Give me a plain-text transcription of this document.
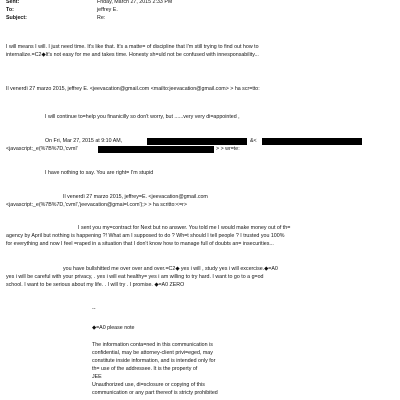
Sent:	Friday, March 27, 2015 2:33 PM
To:	jeffrey E.
Subject:	Re:
I will means I will. I just need time. It's like that. It's a matte= of discipline that I'm still trying to find out how to
internalize.=C2◆It's not easy for me and takes time. Honesty sh=uld not be confused with innesponsability...
Il venerdì 27 marzo 2015, jeffrey E. <jeevacation@gmail.com <mailto:jeevacation@gmail.com> > ha scr=tto:
I will continue to=help you finanicilly so don't worry, but ......very very di=appointed ,
On Fri, Mar 27, 2015 at 9:10 AM,	&<
<javascript:_e(%7B%7D,'cvml'	> > wr=te:
I have nothing to say. You are right= I'm stupid
Il venerdì 27 marzo 2015, jeffrey=E. <jeevacation@gmail.com
<javascript:_e(%7B%7D,'cvml','jeevacation@gmai=l.com');> > ha scritto:<=r>
I sent you my=contract for Next but no answer. You told me I would make money out of th=
agency by April but nothing is happening ?! What am I supposed to do ? Wh=t should I tell people ? I trusted you 100%
for everything and now I feel =raped in a situation that I don't know how to manage full of doubts an= insecurities...
you have bullshitted me over over and over.=C2◆ yes i will , study yes i will excercise.◆=A0
yes i will be careful with your privacy, . yes i will eat healthy= yes i am willing to try hard. I want to go to a g=od
school. I want to be serious about my life. . I will try . I promise. ◆=A0 ZERO
--
◆=A0 please note
The information conta=ned in this communication is
confidential, may be attorney-client privi=eged, may
constitute inside information, and is intended only for
th= use of the addressee. It is the property of
JEE
Unauthorized use, di=sclosure or copying of this
communication or any part thereof is stricty prohibited
